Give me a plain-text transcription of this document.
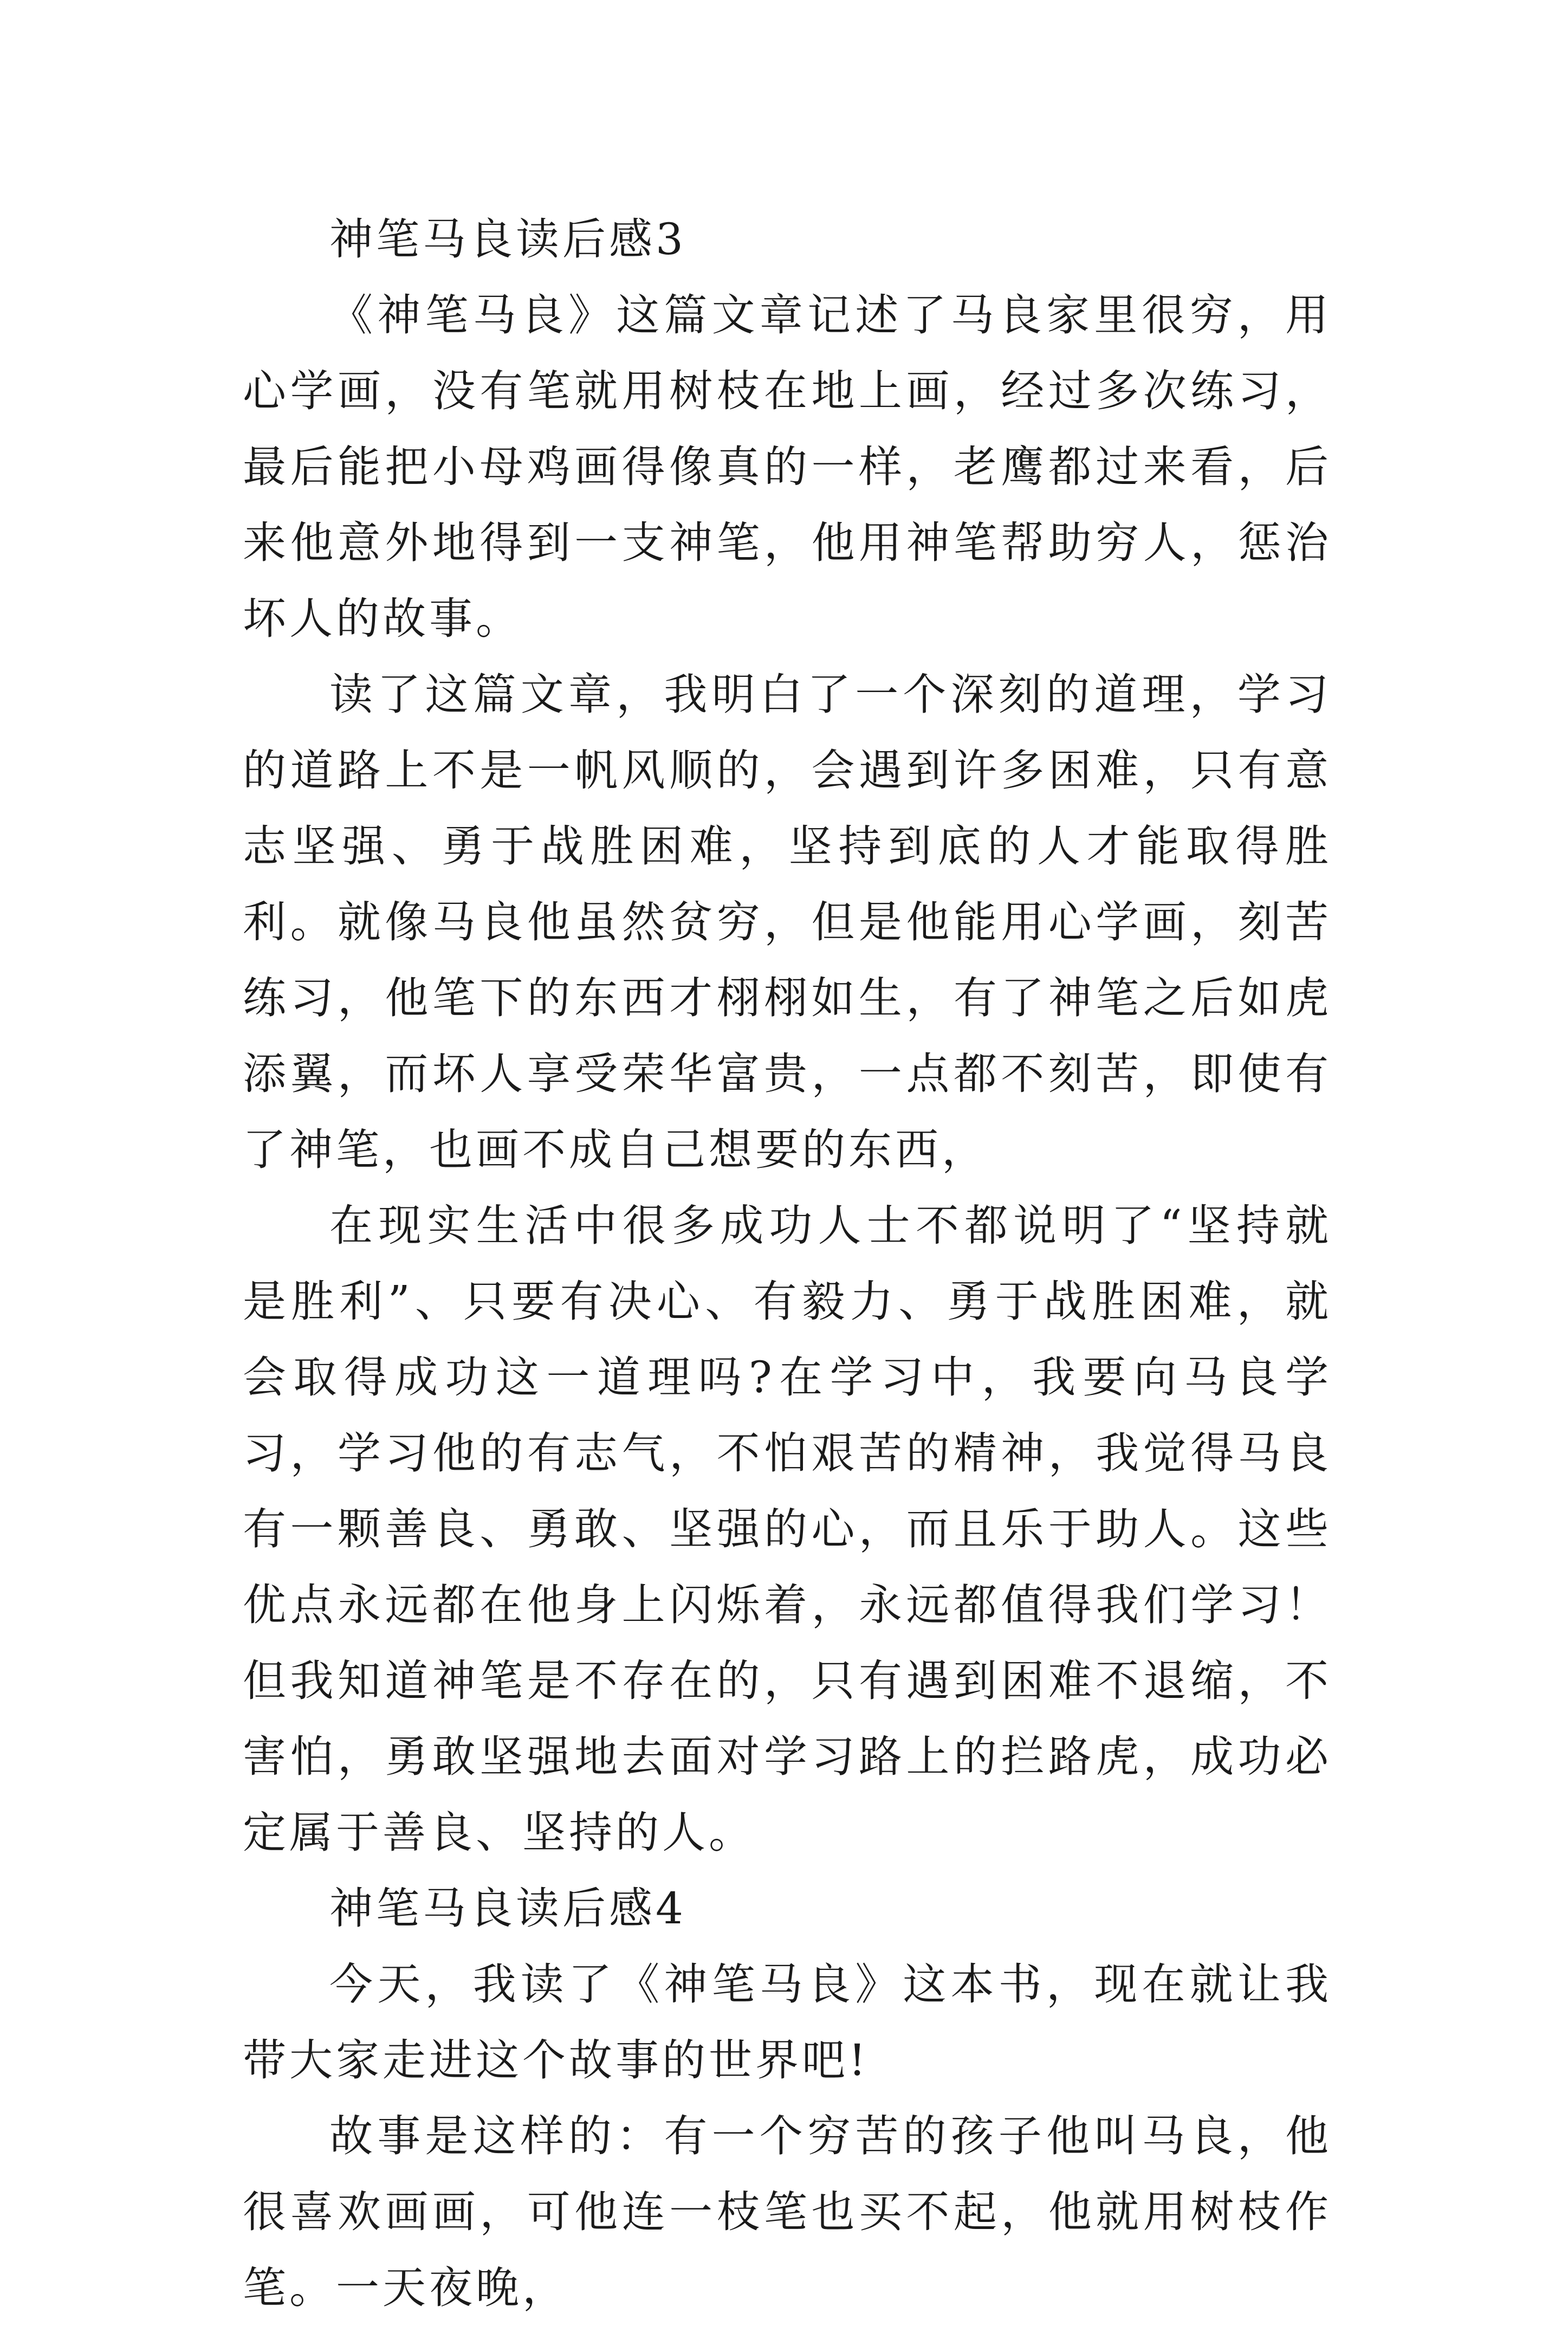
神笔马良读后感3

《神笔马良》这篇文章记述了马良家里很穷，用心学画，没有笔就用树枝在地上画，经过多次练习，最后能把小母鸡画得像真的一样，老鹰都过来看，后来他意外地得到一支神笔，他用神笔帮助穷人，惩治坏人的故事。

读了这篇文章，我明白了一个深刻的道理，学习的道路上不是一帆风顺的，会遇到许多困难，只有意志坚强、勇于战胜困难，坚持到底的人才能取得胜利。就像马良他虽然贫穷，但是他能用心学画，刻苦练习，他笔下的东西才栩栩如生，有了神笔之后如虎添翼，而坏人享受荣华富贵，一点都不刻苦，即使有了神笔，也画不成自己想要的东西，

在现实生活中很多成功人士不都说明了“坚持就是胜利”、只要有决心、有毅力、勇于战胜困难，就会取得成功这一道理吗?在学习中，我要向马良学习，学习他的有志气，不怕艰苦的精神，我觉得马良有一颗善良、勇敢、坚强的心，而且乐于助人。这些优点永远都在他身上闪烁着，永远都值得我们学习！但我知道神笔是不存在的，只有遇到困难不退缩，不害怕，勇敢坚强地去面对学习路上的拦路虎，成功必定属于善良、坚持的人。

神笔马良读后感4

今天，我读了《神笔马良》这本书，现在就让我带大家走进这个故事的世界吧!

故事是这样的：有一个穷苦的孩子他叫马良，他很喜欢画画，可他连一枝笔也买不起，他就用树枝作笔。一天夜晚，
